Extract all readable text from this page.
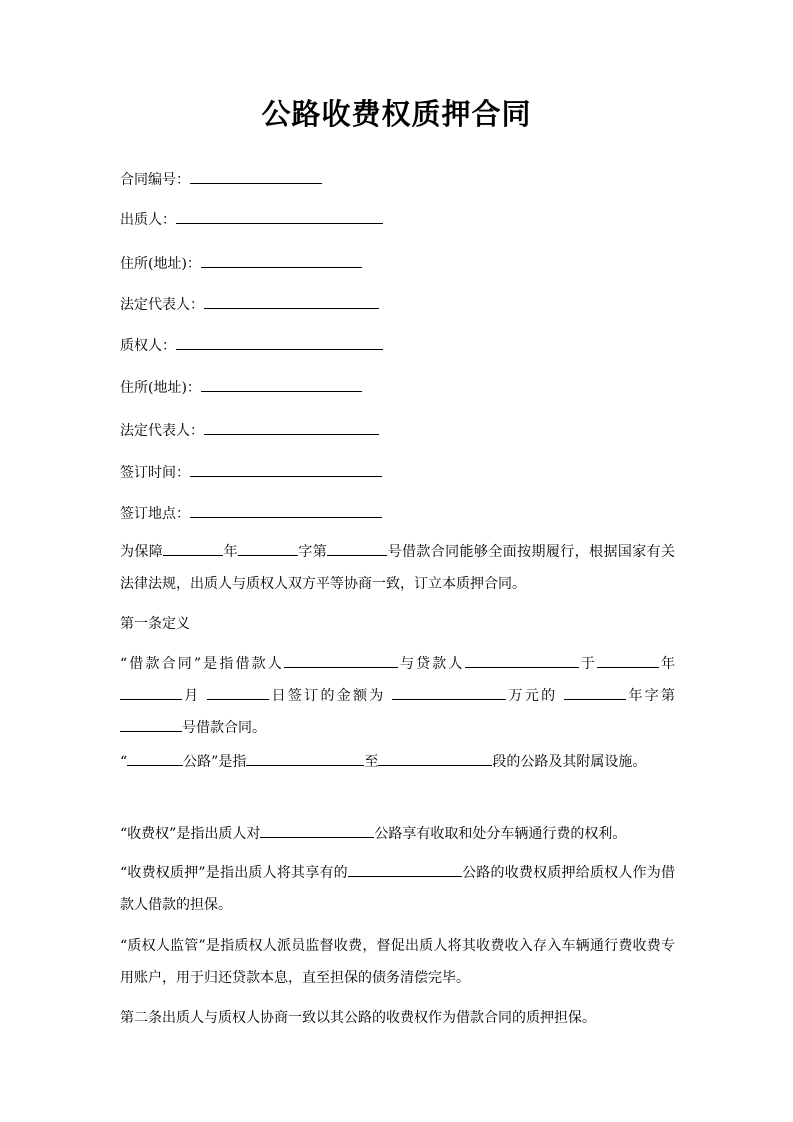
公路收费权质押合同
合同编号：
出质人：
住所(地址)：
法定代表人：
质权人：
住所(地址)：
法定代表人：
签订时间：
签订地点：
为保障	年	字第	号借款合同能够全面按期履行，根据国家有关法律法规，出质人与质权人双方平等协商一致，订立本质押合同。
第一条定义
“借款合同”是指借款人	与贷款人	于	年月	日签订的金额为	万元的	年字第号借款合同。
“	公路”是指	至	段的公路及其附属设施。
“收费权”是指出质人对	公路享有收取和处分车辆通行费的权利。
“收费权质押”是指出质人将其享有的	公路的收费权质押给质权人作为借款人借款的担保。
“质权人监管”是指质权人派员监督收费，督促出质人将其收费收入存入车辆通行费收费专用账户，用于归还贷款本息，直至担保的债务清偿完毕。
第二条出质人与质权人协商一致以其公路的收费权作为借款合同的质押担保。
